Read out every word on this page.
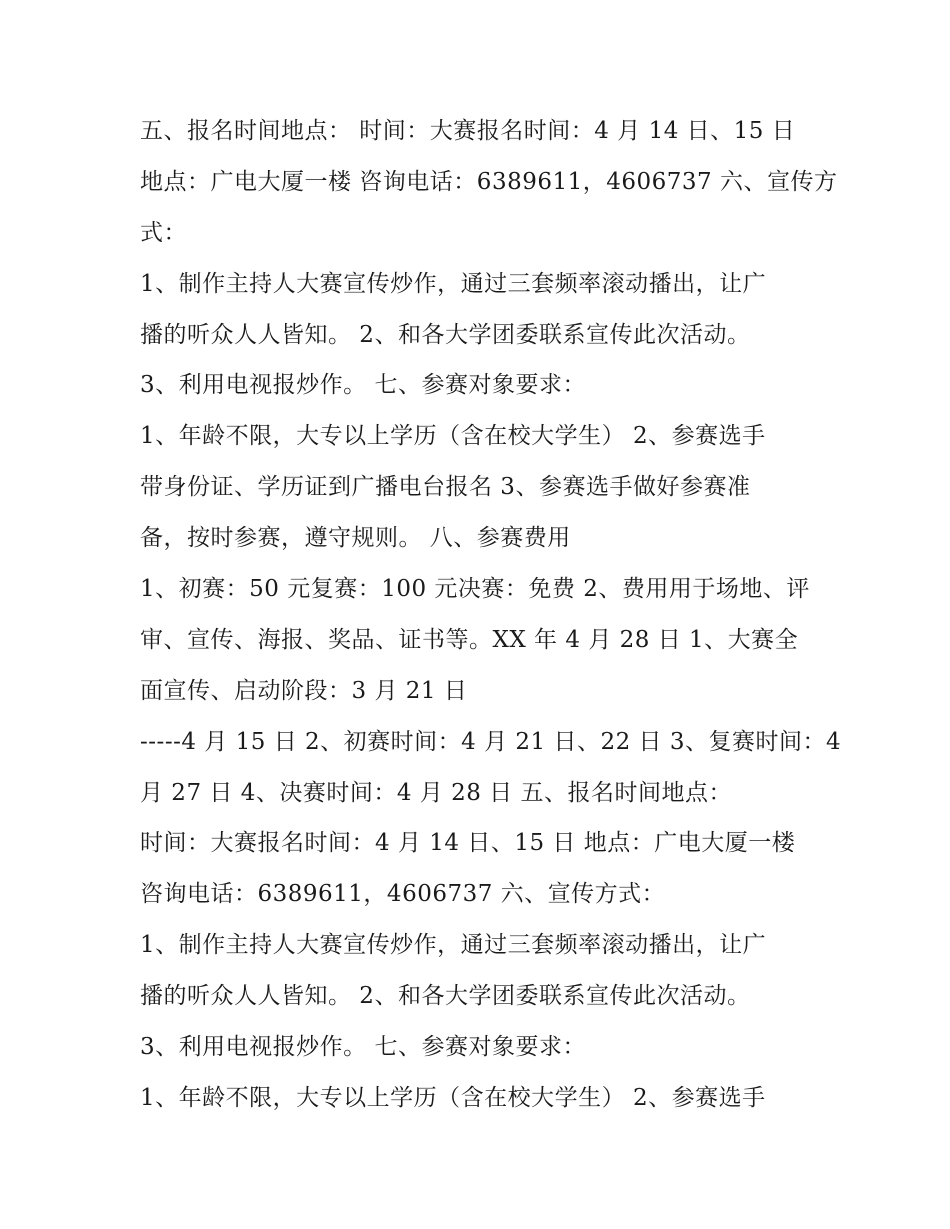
五、报名时间地点： 时间：大赛报名时间：4 月 14 日、15 日
地点：广电大厦一楼 咨询电话：6389611，4606737 六、宣传方
式：
1、制作主持人大赛宣传炒作，通过三套频率滚动播出，让广
播的听众人人皆知。 2、和各大学团委联系宣传此次活动。
3、利用电视报炒作。 七、参赛对象要求：
1、年龄不限，大专以上学历（含在校大学生） 2、参赛选手
带身份证、学历证到广播电台报名 3、参赛选手做好参赛准
备，按时参赛，遵守规则。 八、参赛费用
1、初赛：50 元复赛：100 元决赛：免费 2、费用用于场地、评
审、宣传、海报、奖品、证书等。XX 年 4 月 28 日 1、大赛全
面宣传、启动阶段：3 月 21 日
-----4 月 15 日 2、初赛时间：4 月 21 日、22 日 3、复赛时间：4
月 27 日 4、决赛时间：4 月 28 日 五、报名时间地点：
时间：大赛报名时间：4 月 14 日、15 日 地点：广电大厦一楼
咨询电话：6389611，4606737 六、宣传方式：
1、制作主持人大赛宣传炒作，通过三套频率滚动播出，让广
播的听众人人皆知。 2、和各大学团委联系宣传此次活动。
3、利用电视报炒作。 七、参赛对象要求：
1、年龄不限，大专以上学历（含在校大学生） 2、参赛选手
